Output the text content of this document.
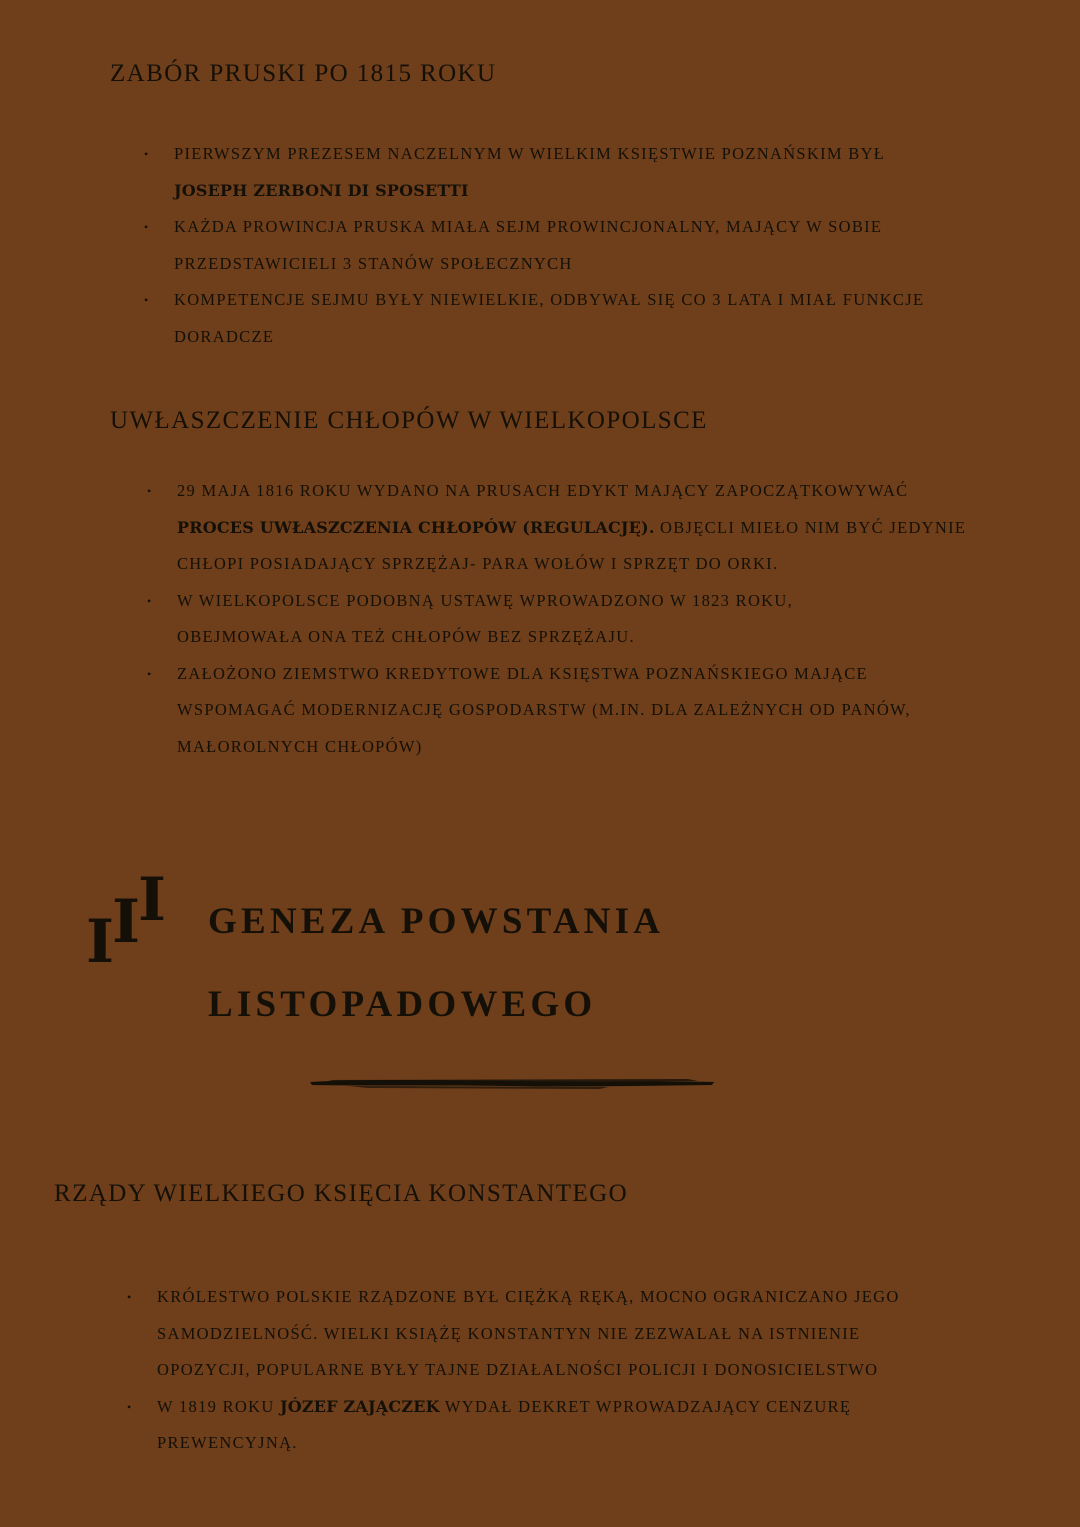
ZABÓR PRUSKI PO 1815 ROKU
• PIERWSZYM PREZESEM NACZELNYM W WIELKIM KSIĘSTWIE POZNAŃSKIM BYŁ
JOSEPH ZERBONI DI SPOSETTI
• KAŻDA PROWINCJA PRUSKA MIAŁA SEJM PROWINCJONALNY, MAJĄCY W SOBIE
PRZEDSTAWICIELI 3 STANÓW SPOŁECZNYCH
• KOMPETENCJE SEJMU BYŁY NIEWIELKIE, ODBYWAŁ SIĘ CO 3 LATA I MIAŁ FUNKCJE
DORADCZE
UWŁASZCZENIE CHŁOPÓW W WIELKOPOLSCE
• 29 MAJA 1816 ROKU WYDANO NA PRUSACH EDYKT MAJĄCY ZAPOCZĄTKOWYWAĆ
PROCES UWŁASZCZENIA CHŁOPÓW (REGULACJĘ). OBJĘCLI MIEŁO NIM BYĆ JEDYNIE
CHŁOPI POSIADAJĄCY SPRZĘŻAJ- PARA WOŁÓW I SPRZĘT DO ORKI.
• W WIELKOPOLSCE PODOBNĄ USTAWĘ WPROWADZONO W 1823 ROKU,
OBEJMOWAŁA ONA TEŻ CHŁOPÓW BEZ SPRZĘŻAJU.
• ZAŁOŻONO ZIEMSTWO KREDYTOWE DLA KSIĘSTWA POZNAŃSKIEGO MAJĄCE
WSPOMAGAĆ MODERNIZACJĘ GOSPODARSTW (M.IN. DLA ZALEŻNYCH OD PANÓW,
MAŁOROLNYCH CHŁOPÓW)
I I I GENEZA POWSTANIA
LISTOPADOWEGO
RZĄDY WIELKIEGO KSIĘCIA KONSTANTEGO
• KRÓLESTWO POLSKIE RZĄDZONE BYŁ CIĘŻKĄ RĘKĄ, MOCNO OGRANICZANO JEGO
SAMODZIELNOŚĆ. WIELKI KSIĄŻĘ KONSTANTYN NIE ZEZWALAŁ NA ISTNIENIE
OPOZYCJI, POPULARNE BYŁY TAJNE DZIAŁALNOŚCI POLICJI I DONOSICIELSTWO
• W 1819 ROKU JÓZEF ZAJĄCZEK WYDAŁ DEKRET WPROWADZAJĄCY CENZURĘ
PREWENCYJNĄ.
